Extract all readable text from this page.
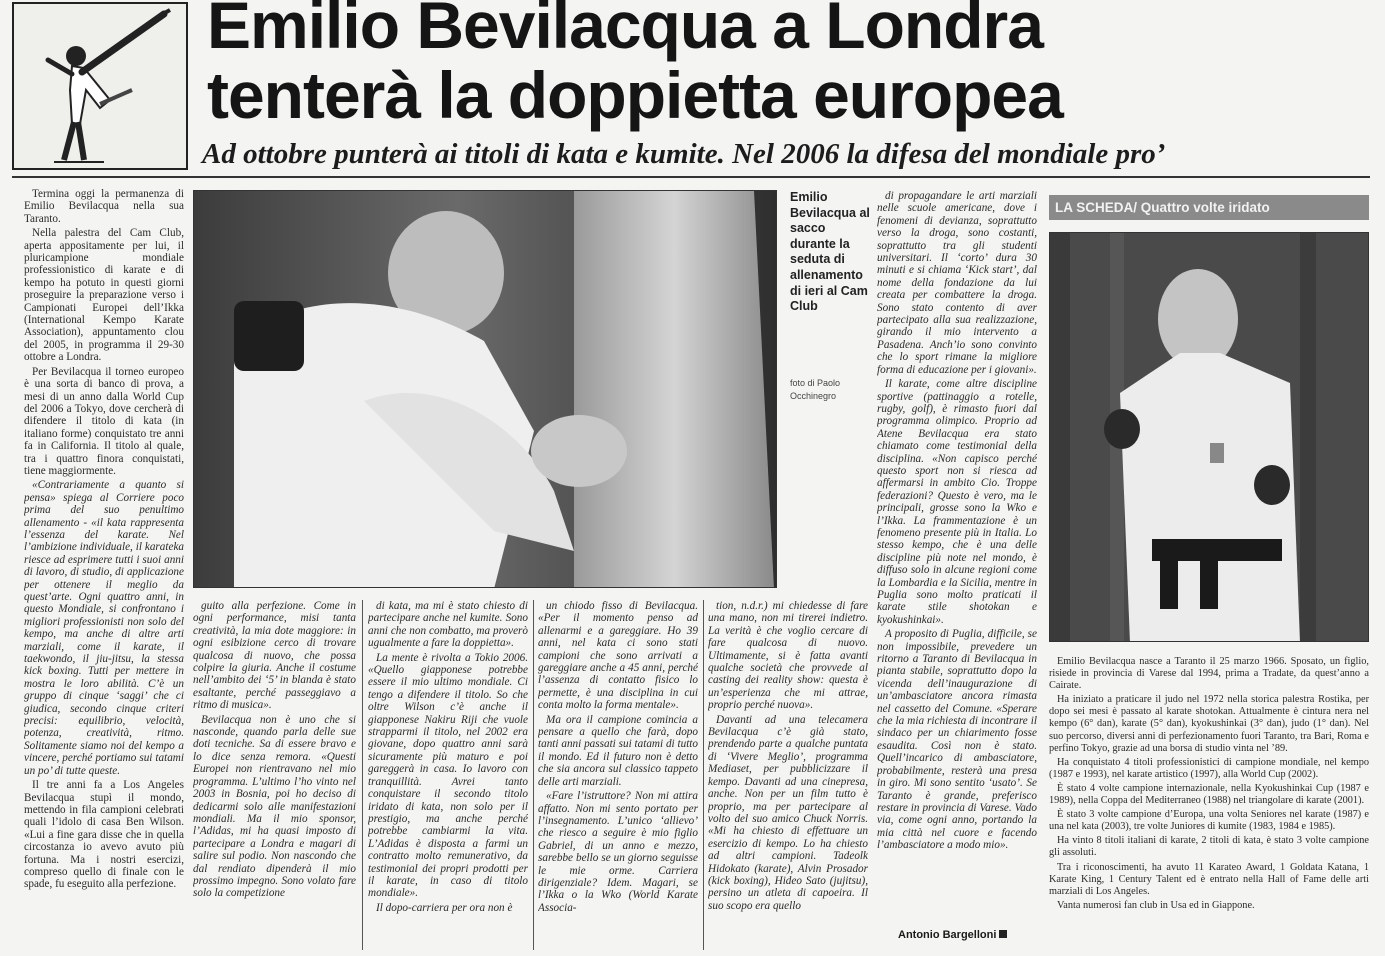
Emilio Bevilacqua a Londra
tenterà la doppietta europea
Ad ottobre punterà ai titoli di kata e kumite. Nel 2006 la difesa del mondiale pro’

Termina oggi la permanenza di Emilio Bevilacqua nella sua Taranto.

Nella palestra del Cam Club, aperta appositamente per lui, il pluricampione mondiale professionistico di karate e di kempo ha potuto in questi giorni proseguire la preparazione verso i Campionati Europei dell’Ikka (International Kempo Karate Association), appuntamento clou del 2005, in programma il 29-30 ottobre a Londra.

Per Bevilacqua il torneo europeo è una sorta di banco di prova, a mesi di un anno dalla World Cup del 2006 a Tokyo, dove cercherà di difendere il titolo di kata (in italiano forme) conquistato tre anni fa in California. Il titolo al quale, tra i quattro finora conquistati, tiene maggiormente.

«Contrariamente a quanto si pensa» spiega al Corriere poco prima del suo penultimo allenamento - «il kata rappresenta l’essenza del karate. Nel l’ambizione individuale, il karateka riesce ad esprimere tutti i suoi anni di lavoro, di studio, di applicazione per ottenere il meglio da quest’arte. Ogni quattro anni, in questo Mondiale, si confrontano i migliori professionisti non solo del kempo, ma anche di altre arti marziali, come il karate, il taekwondo, il jiu-jitsu, la stessa kick boxing. Tutti per mettere in mostra le loro abilità. C’è un gruppo di cinque ‘saggi’ che ci giudica, secondo cinque criteri precisi: equilibrio, velocità, potenza, creatività, ritmo. Solitamente siamo noi del kempo a vincere, perché portiamo sui tatami un po’ di tutte queste.

Il tre anni fa a Los Angeles Bevilacqua stupì il mondo, mettendo in fila campioni celebrati quali l’idolo di casa Ben Wilson. «Lui a fine gara disse che in quella circostanza io avevo avuto più fortuna. Ma i nostri esercizi, compreso quello di finale con le spade, fu eseguito alla perfezione.

Emilio Bevilacqua al sacco durante la seduta di allenamento di ieri al Cam Club
foto di Paolo Occhinegro

guito alla perfezione. Come in ogni performance, misi tanta creatività, la mia dote maggiore: in ogni esibizione cerco di trovare qualcosa di nuovo, che possa colpire la giuria. Anche il costume nell’ambito dei ‘5’ in blanda è stato esaltante, perché passeggiavo a ritmo di musica».

Bevilacqua non è uno che si nasconde, quando parla delle sue doti tecniche. Sa di essere bravo e lo dice senza remora. «Questi Europei non rientravano nel mio programma. L’ultimo l’ho vinto nel 2003 in Bosnia, poi ho deciso di dedicarmi solo alle manifestazioni mondiali. Ma il mio sponsor, l’Adidas, mi ha quasi imposto di partecipare a Londra e magari di salire sul podio. Non nascondo che dal rendiato dipenderà il mio prossimo impegno. Sono volato fare solo la competizione

di kata, ma mi è stato chiesto di partecipare anche nel kumite. Sono anni che non combatto, ma proverò ugualmente a fare la doppietta».

La mente è rivolta a Tokio 2006. «Quello giapponese potrebbe essere il mio ultimo mondiale. Ci tengo a difendere il titolo. So che oltre Wilson c’è anche il giapponese Nakiru Riji che vuole strapparmi il titolo, nel 2002 era giovane, dopo quattro anni sarà sicuramente più maturo e poi gareggerà in casa. Io lavoro con tranquillità. Avrei tanto conquistare il secondo titolo iridato di kata, non solo per il prestigio, ma anche perché potrebbe cambiarmi la vita. L’Adidas è disposta a farmi un contratto molto remunerativo, da testimonial dei propri prodotti per il karate, in caso di titolo mondiale».

Il dopo-carriera per ora non è

un chiodo fisso di Bevilacqua. «Per il momento penso ad allenarmi e a gareggiare. Ho 39 anni, nel kata ci sono stati campioni che sono arrivati a gareggiare anche a 45 anni, perché l’assenza di contatto fisico lo permette, è una disciplina in cui conta molto la forma mentale».

Ma ora il campione comincia a pensare a quello che farà, dopo tanti anni passati sui tatami di tutto il mondo. Ed il futuro non è detto che sia ancora sul classico tappeto delle arti marziali.

«Fare l’istruttore? Non mi attira affatto. Non mi sento portato per l’insegnamento. L’unico ‘allievo’ che riesco a seguire è mio figlio Gabriel, di un anno e mezzo, sarebbe bello se un giorno seguisse le mie orme. Carriera dirigenziale? Idem. Magari, se l’Ikka o la Wko (World Karate Associa-

tion, n.d.r.) mi chiedesse di fare una mano, non mi tirerei indietro. La verità è che voglio cercare di fare qualcosa di nuovo. Ultimamente, si è fatta avanti qualche società che provvede al casting dei reality show: questa è un’esperienza che mi attrae, proprio perché nuova».

Davanti ad una telecamera Bevilacqua c’è già stato, prendendo parte a qualche puntata di ‘Vivere Meglio’, programma Mediaset, per pubblicizzare il kempo. Davanti ad una cinepresa, anche. Non per un film tutto è proprio, ma per partecipare al volto del suo amico Chuck Norris. «Mi ha chiesto di effettuare un esercizio di kempo. Lo ha chiesto ad altri campioni. Tadeolk Hidokato (karate), Alvin Prosador (kick boxing), Hideo Sato (jujitsu), persino un atleta di capoeira. Il suo scopo era quello

di propagandare le arti marziali nelle scuole americane, dove i fenomeni di devianza, soprattutto verso la droga, sono costanti, soprattutto tra gli studenti universitari. Il ‘corto’ dura 30 minuti e si chiama ‘Kick start’, dal nome della fondazione da lui creata per combattere la droga. Sono stato contento di aver partecipato alla sua realizzazione, girando il mio intervento a Pasadena. Anch’io sono convinto che lo sport rimane la migliore forma di educazione per i giovani».

Il karate, come altre discipline sportive (pattinaggio a rotelle, rugby, golf), è rimasto fuori dal programma olimpico. Proprio ad Atene Bevilacqua era stato chiamato come testimonial della disciplina. «Non capisco perché questo sport non si riesca ad affermarsi in ambito Cio. Troppe federazioni? Questo è vero, ma le principali, grosse sono la Wko e l’Ikka. La frammentazione è un fenomeno presente più in Italia. Lo stesso kempo, che è una delle discipline più note nel mondo, è diffuso solo in alcune regioni come la Lombardia e la Sicilia, mentre in Puglia sono molto praticati il karate stile shotokan e kyokushinkai».

A proposito di Puglia, difficile, se non impossibile, prevedere un ritorno a Taranto di Bevilacqua in pianta stabile, soprattutto dopo la vicenda dell’inaugurazione di un’ambasciatore ancora rimasta nel cassetto del Comune. «Sperare che la mia richiesta di incontrare il sindaco per un chiarimento fosse esaudita. Così non è stato. Quell’incarico di ambasciatore, probabilmente, resterà una presa in giro. Mi sono sentito ‘usato’. Se Taranto è grande, preferisco restare in provincia di Varese. Vado via, come ogni anno, portando la mia città nel cuore e facendo l’ambasciatore a modo mio».

Antonio Bargelloni
LA SCHEDA/ Quattro volte iridato

Emilio Bevilacqua nasce a Taranto il 25 marzo 1966. Sposato, un figlio, risiede in provincia di Varese dal 1994, prima a Tradate, da quest’anno a Cairate.

Ha iniziato a praticare il judo nel 1972 nella storica palestra Rostika, per dopo sei mesi è passato al karate shotokan. Attualmente è cintura nera nel kempo (6° dan), karate (5° dan), kyokushinkai (3° dan), judo (1° dan). Nel suo percorso, diversi anni di perfezionamento fuori Taranto, tra Bari, Roma e perfino Tokyo, grazie ad una borsa di studio vinta nel ’89.

Ha conquistato 4 titoli professionistici di campione mondiale, nel kempo (1987 e 1993), nel karate artistico (1997), alla World Cup (2002).

È stato 4 volte campione internazionale, nella Kyokushinkai Cup (1987 e 1989), nella Coppa del Mediterraneo (1988) nel triangolare di karate (2001).

È stato 3 volte campione d’Europa, una volta Seniores nel karate (1987) e una nel kata (2003), tre volte Juniores di kumite (1983, 1984 e 1985).

Ha vinto 8 titoli italiani di karate, 2 titoli di kata, è stato 3 volte campione gli assoluti.

Tra i riconoscimenti, ha avuto 11 Karateo Award, 1 Goldata Katana, 1 Karate King, 1 Century Talent ed è entrato nella Hall of Fame delle arti marziali di Los Angeles.

Vanta numerosi fan club in Usa ed in Giappone.
